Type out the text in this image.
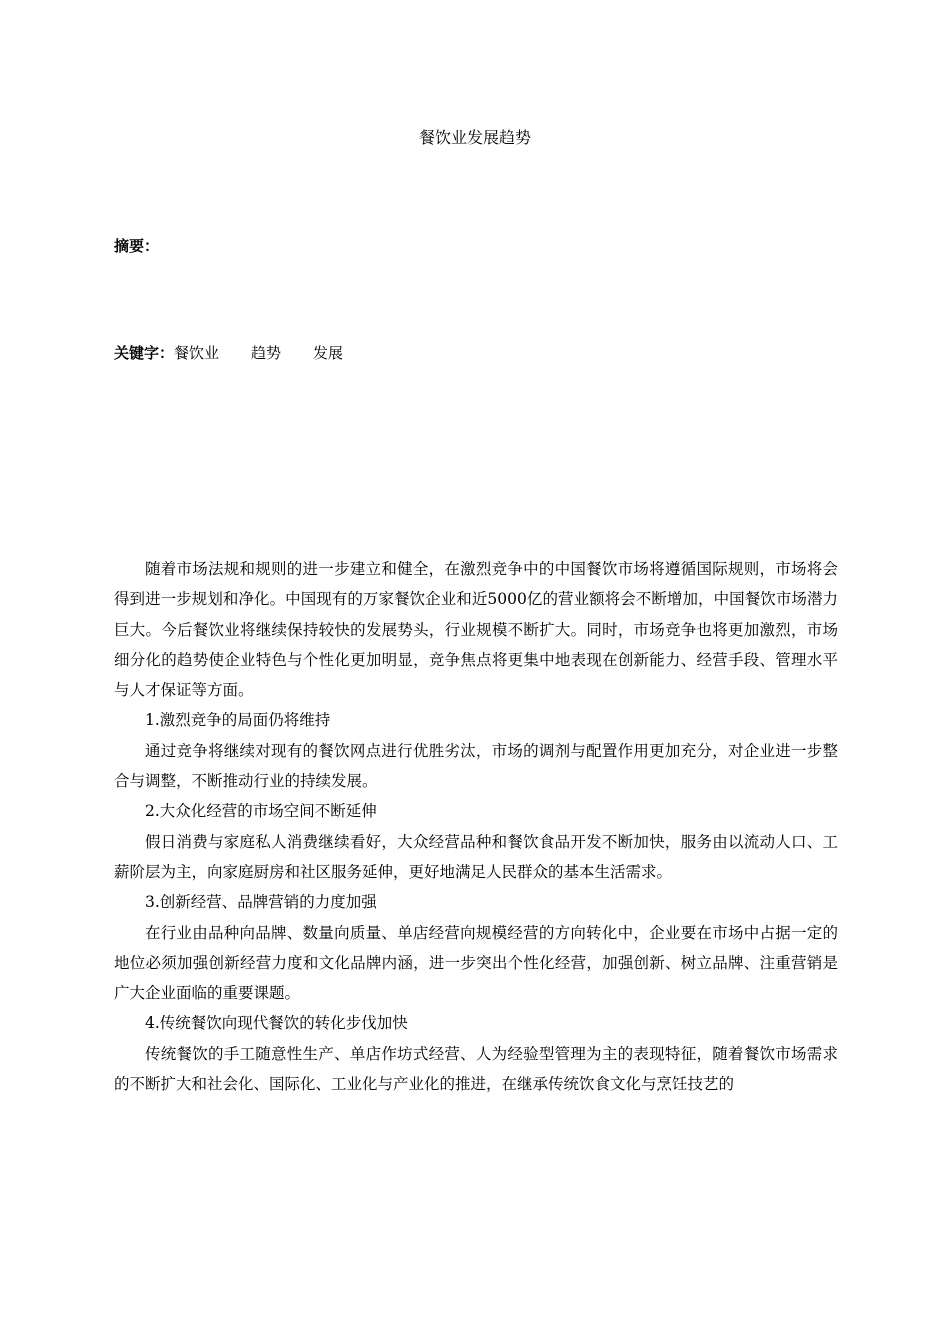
餐饮业发展趋势
摘要：
关键字：餐饮业 趋势 发展

随着市场法规和规则的进一步建立和健全，在激烈竞争中的中国餐饮市场将遵循国际规则，市场将会得到进一步规划和净化。中国现有的万家餐饮企业和近5000亿的营业额将会不断增加，中国餐饮市场潜力巨大。今后餐饮业将继续保持较快的发展势头，行业规模不断扩大。同时，市场竞争也将更加激烈，市场细分化的趋势使企业特色与个性化更加明显，竞争焦点将更集中地表现在创新能力、经营手段、管理水平与人才保证等方面。

1.激烈竞争的局面仍将维持

通过竞争将继续对现有的餐饮网点进行优胜劣汰，市场的调剂与配置作用更加充分，对企业进一步整合与调整，不断推动行业的持续发展。

2.大众化经营的市场空间不断延伸

假日消费与家庭私人消费继续看好，大众经营品种和餐饮食品开发不断加快，服务由以流动人口、工薪阶层为主，向家庭厨房和社区服务延伸，更好地满足人民群众的基本生活需求。

3.创新经营、品牌营销的力度加强

在行业由品种向品牌、数量向质量、单店经营向规模经营的方向转化中，企业要在市场中占据一定的地位必须加强创新经营力度和文化品牌内涵，进一步突出个性化经营，加强创新、树立品牌、注重营销是广大企业面临的重要课题。

4.传统餐饮向现代餐饮的转化步伐加快

传统餐饮的手工随意性生产、单店作坊式经营、人为经验型管理为主的表现特征，随着餐饮市场需求的不断扩大和社会化、国际化、工业化与产业化的推进，在继承传统饮食文化与烹饪技艺的
